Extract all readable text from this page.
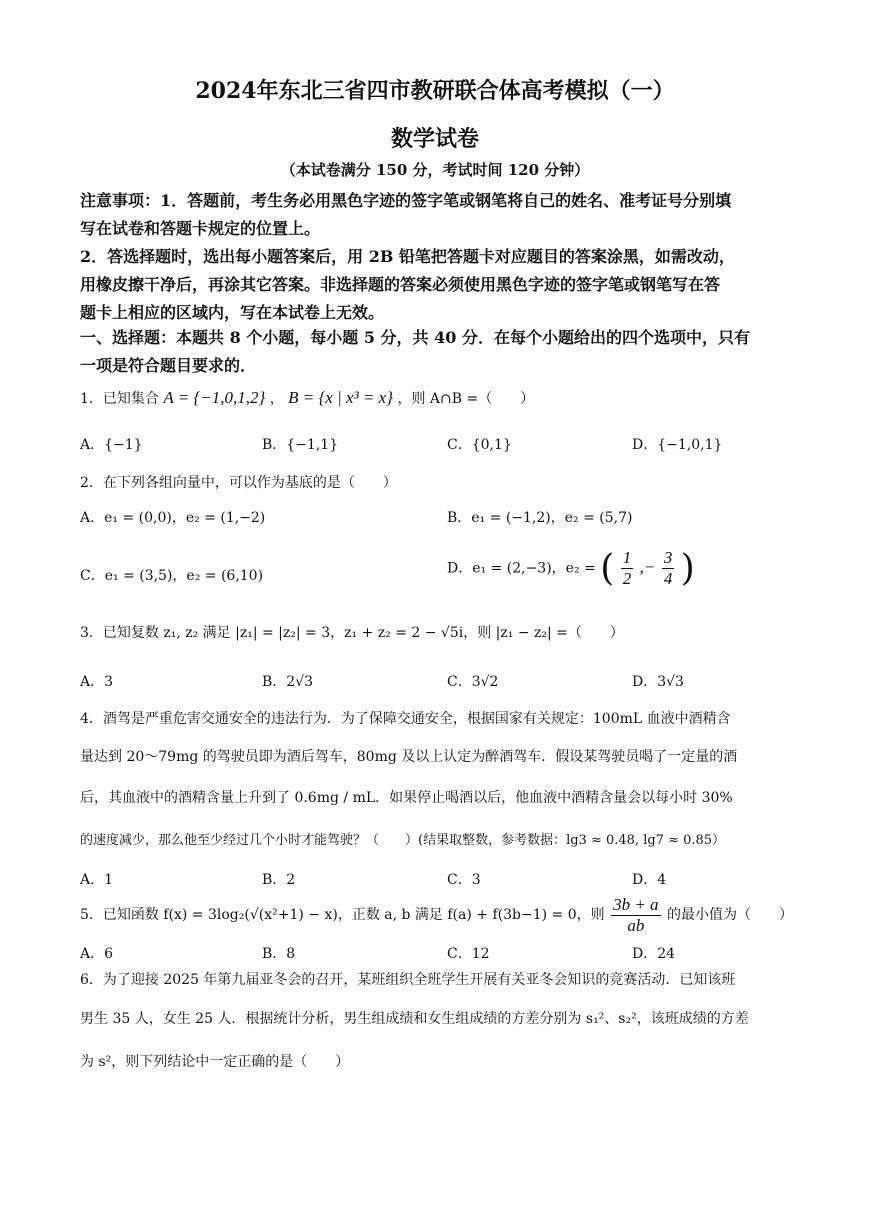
2024年东北三省四市教研联合体高考模拟（一）
数学试卷
（本试卷满分 150 分，考试时间 120 分钟）
注意事项：1．答题前，考生务必用黑色字迹的签字笔或钢笔将自己的姓名、准考证号分别填
写在试卷和答题卡规定的位置上。
2．答选择题时，选出每小题答案后，用 2B 铅笔把答题卡对应题目的答案涂黑，如需改动，
用橡皮擦干净后，再涂其它答案。非选择题的答案必须使用黑色字迹的签字笔或钢笔写在答
题卡上相应的区域内，写在本试卷上无效。
一、选择题：本题共 8 个小题，每小题 5 分，共 40 分．在每个小题给出的四个选项中，只有
一项是符合题目要求的．
1．已知集合 A = {−1,0,1,2} ， B = {x | x³ = x} ，则 A∩B =（　　）
A．{−1}	B．{−1,1}	C．{0,1}	D．{−1,0,1}
2．在下列各组向量中，可以作为基底的是（　　）
A．e₁ = (0,0)，e₂ = (1,−2)	B．e₁ = (−1,2)，e₂ = (5,7)
C．e₁ = (3,5)，e₂ = (6,10)	D．e₁ = (2,−3)，e₂ = ( $\frac{1}{2}$ ,− $\frac{3}{4}$ )
3．已知复数 z₁, z₂ 满足 |z₁| = |z₂| = 3，z₁ + z₂ = 2 − √5i，则 |z₁ − z₂| =（　　）
A．3	B．2√3	C．3√2	D．3√3
4．酒驾是严重危害交通安全的违法行为．为了保障交通安全，根据国家有关规定：100mL 血液中酒精含
量达到 20～79mg 的驾驶员即为酒后驾车，80mg 及以上认定为醉酒驾车．假设某驾驶员喝了一定量的酒
后，其血液中的酒精含量上升到了 0.6mg / mL．如果停止喝酒以后，他血液中酒精含量会以每小时 30%
的速度减少，那么他至少经过几个小时才能驾驶？（　　）(结果取整数，参考数据：lg3 ≈ 0.48, lg7 ≈ 0.85）
A．1	B．2	C．3	D．4
5．已知函数 f(x) = 3log₂(√(x²+1) − x)，正数 a, b 满足 f(a) + f(3b−1) = 0，则 $\frac{3b + a}{ab}$ 的最小值为（　　）
A．6	B．8	C．12	D．24
6．为了迎接 2025 年第九届亚冬会的召开，某班组织全班学生开展有关亚冬会知识的竞赛活动．已知该班
男生 35 人，女生 25 人．根据统计分析，男生组成绩和女生组成绩的方差分别为 s₁²、s₂²，该班成绩的方差
为 s²，则下列结论中一定正确的是（　　）
